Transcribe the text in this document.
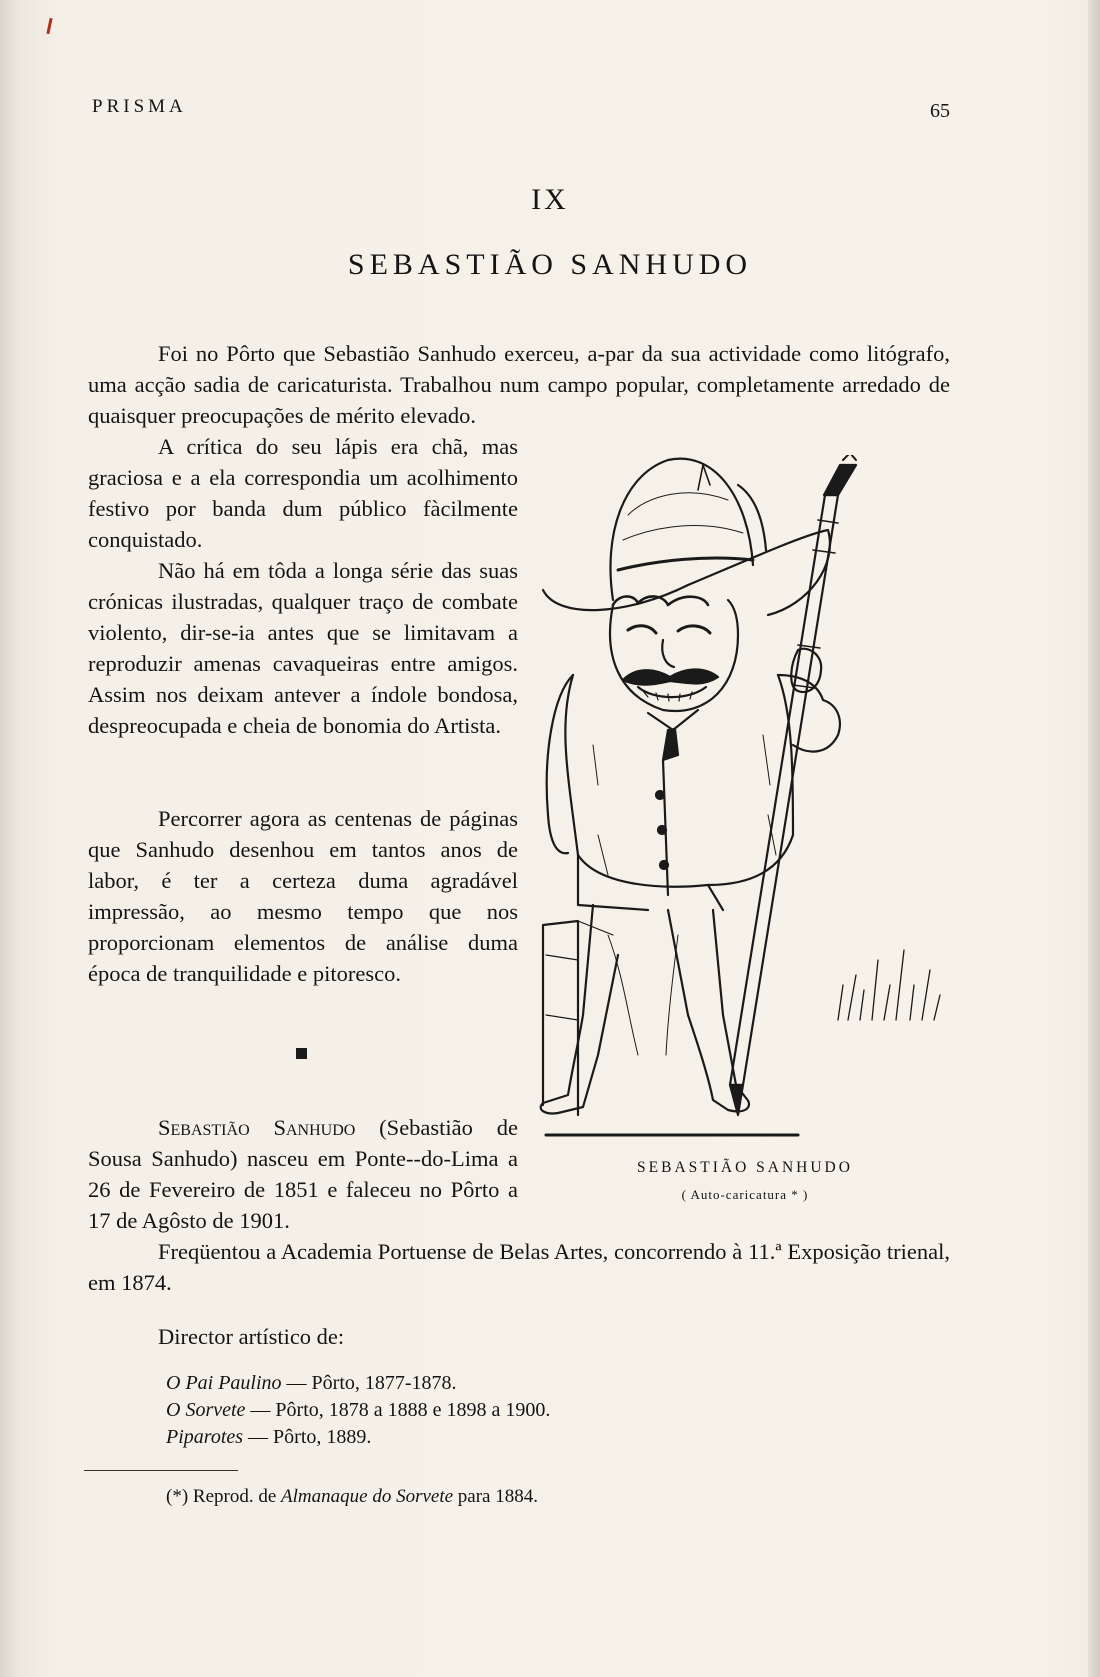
PRISMA	65
IX
SEBASTIÃO SANHUDO
Foi no Pôrto que Sebastião Sanhudo exerceu, a-par da sua actividade como litógrafo, uma acção sadia de caricaturista. Trabalhou num campo popular, completamente arredado de quaisquer preocupações de mérito elevado.
A crítica do seu lápis era chã, mas graciosa e a ela correspondia um acolhimento festivo por banda dum público fàcilmente conquistado.
Não há em tôda a longa série das suas crónicas ilustradas, qualquer traço de combate violento, dir-se-ia antes que se limitavam a reproduzir amenas cavaqueiras entre amigos. Assim nos deixam antever a índole bondosa, despreocupada e cheia de bonomia do Artista.
Percorrer agora as centenas de páginas que Sanhudo desenhou em tantos anos de labor, é ter a certeza duma agradável impressão, ao mesmo tempo que nos proporcionam elementos de análise duma época de tranquilidade e pitoresco.
Sebastião Sanhudo (Sebastião de Sousa Sanhudo) nasceu em Ponte--do-Lima a 26 de Fevereiro de 1851 e faleceu no Pôrto a 17 de Agôsto de 1901.
Freqüentou a Academia Portuense de Belas Artes, concorrendo à 11.ª Exposição trienal, em 1874.
Director artístico de:
SEBASTIÃO SANHUDO
( Auto-caricatura * )
O Pai Paulino — Pôrto, 1877-1878.
O Sorvete — Pôrto, 1878 a 1888 e 1898 a 1900.
Piparotes — Pôrto, 1889.
(*) Reprod. de Almanaque do Sorvete para 1884.
